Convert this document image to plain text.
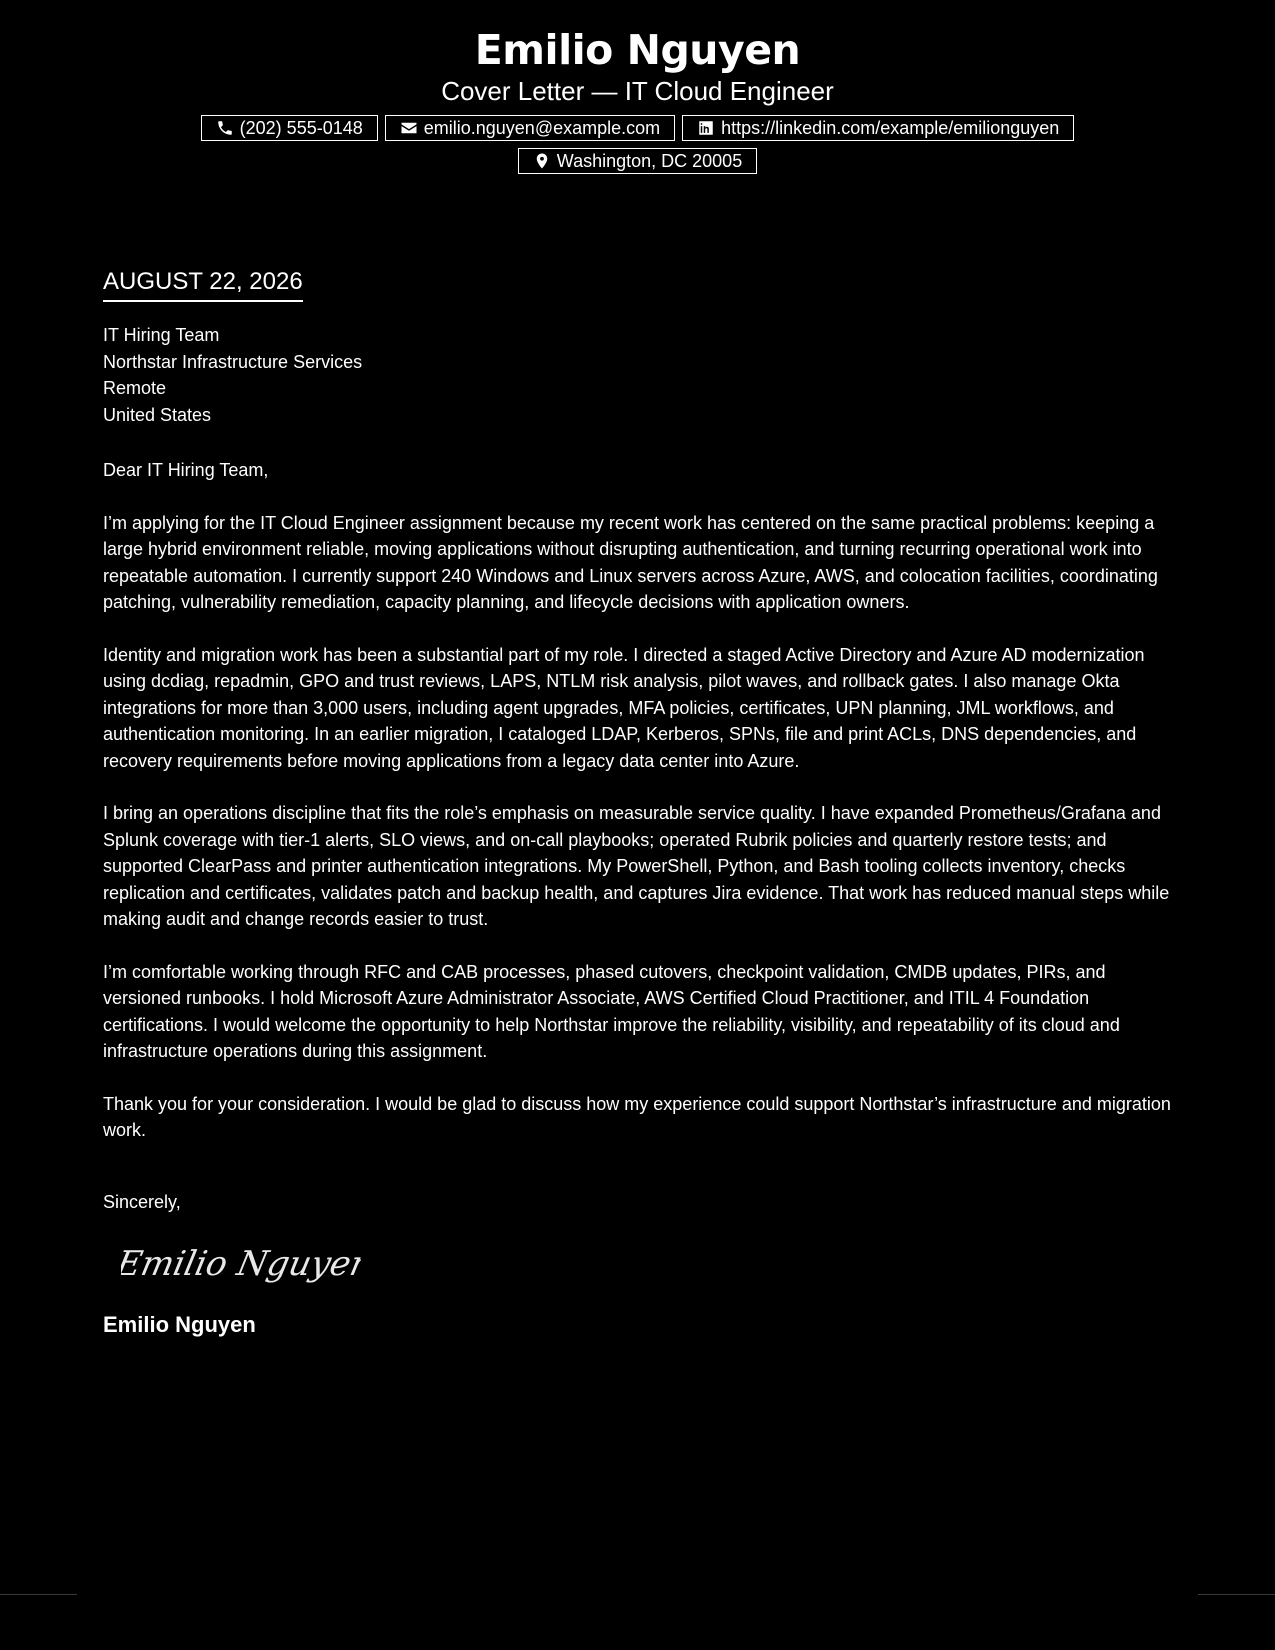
Emilio Nguyen
Cover Letter — IT Cloud Engineer
(202) 555-0148	emilio.nguyen@example.com	https://linkedin.com/example/emilionguyen
Washington, DC 20005
AUGUST 22, 2026
IT Hiring Team
Northstar Infrastructure Services
Remote
United States
Dear IT Hiring Team,
I’m applying for the IT Cloud Engineer assignment because my recent work has centered on the same practical problems: keeping a large hybrid environment reliable, moving applications without disrupting authentication, and turning recurring operational work into repeatable automation. I currently support 240 Windows and Linux servers across Azure, AWS, and colocation facilities, coordinating patching, vulnerability remediation, capacity planning, and lifecycle decisions with application owners.
Identity and migration work has been a substantial part of my role. I directed a staged Active Directory and Azure AD modernization using dcdiag, repadmin, GPO and trust reviews, LAPS, NTLM risk analysis, pilot waves, and rollback gates. I also manage Okta integrations for more than 3,000 users, including agent upgrades, MFA policies, certificates, UPN planning, JML workflows, and authentication monitoring. In an earlier migration, I cataloged LDAP, Kerberos, SPNs, file and print ACLs, DNS dependencies, and recovery requirements before moving applications from a legacy data center into Azure.
I bring an operations discipline that fits the role’s emphasis on measurable service quality. I have expanded Prometheus/Grafana and Splunk coverage with tier-1 alerts, SLO views, and on-call playbooks; operated Rubrik policies and quarterly restore tests; and supported ClearPass and printer authentication integrations. My PowerShell, Python, and Bash tooling collects inventory, checks replication and certificates, validates patch and backup health, and captures Jira evidence. That work has reduced manual steps while making audit and change records easier to trust.
I’m comfortable working through RFC and CAB processes, phased cutovers, checkpoint validation, CMDB updates, PIRs, and versioned runbooks. I hold Microsoft Azure Administrator Associate, AWS Certified Cloud Practitioner, and ITIL 4 Foundation certifications. I would welcome the opportunity to help Northstar improve the reliability, visibility, and repeatability of its cloud and infrastructure operations during this assignment.
Thank you for your consideration. I would be glad to discuss how my experience could support Northstar’s infrastructure and migration work.
Sincerely,
Emilio Nguyen
Emilio Nguyen
